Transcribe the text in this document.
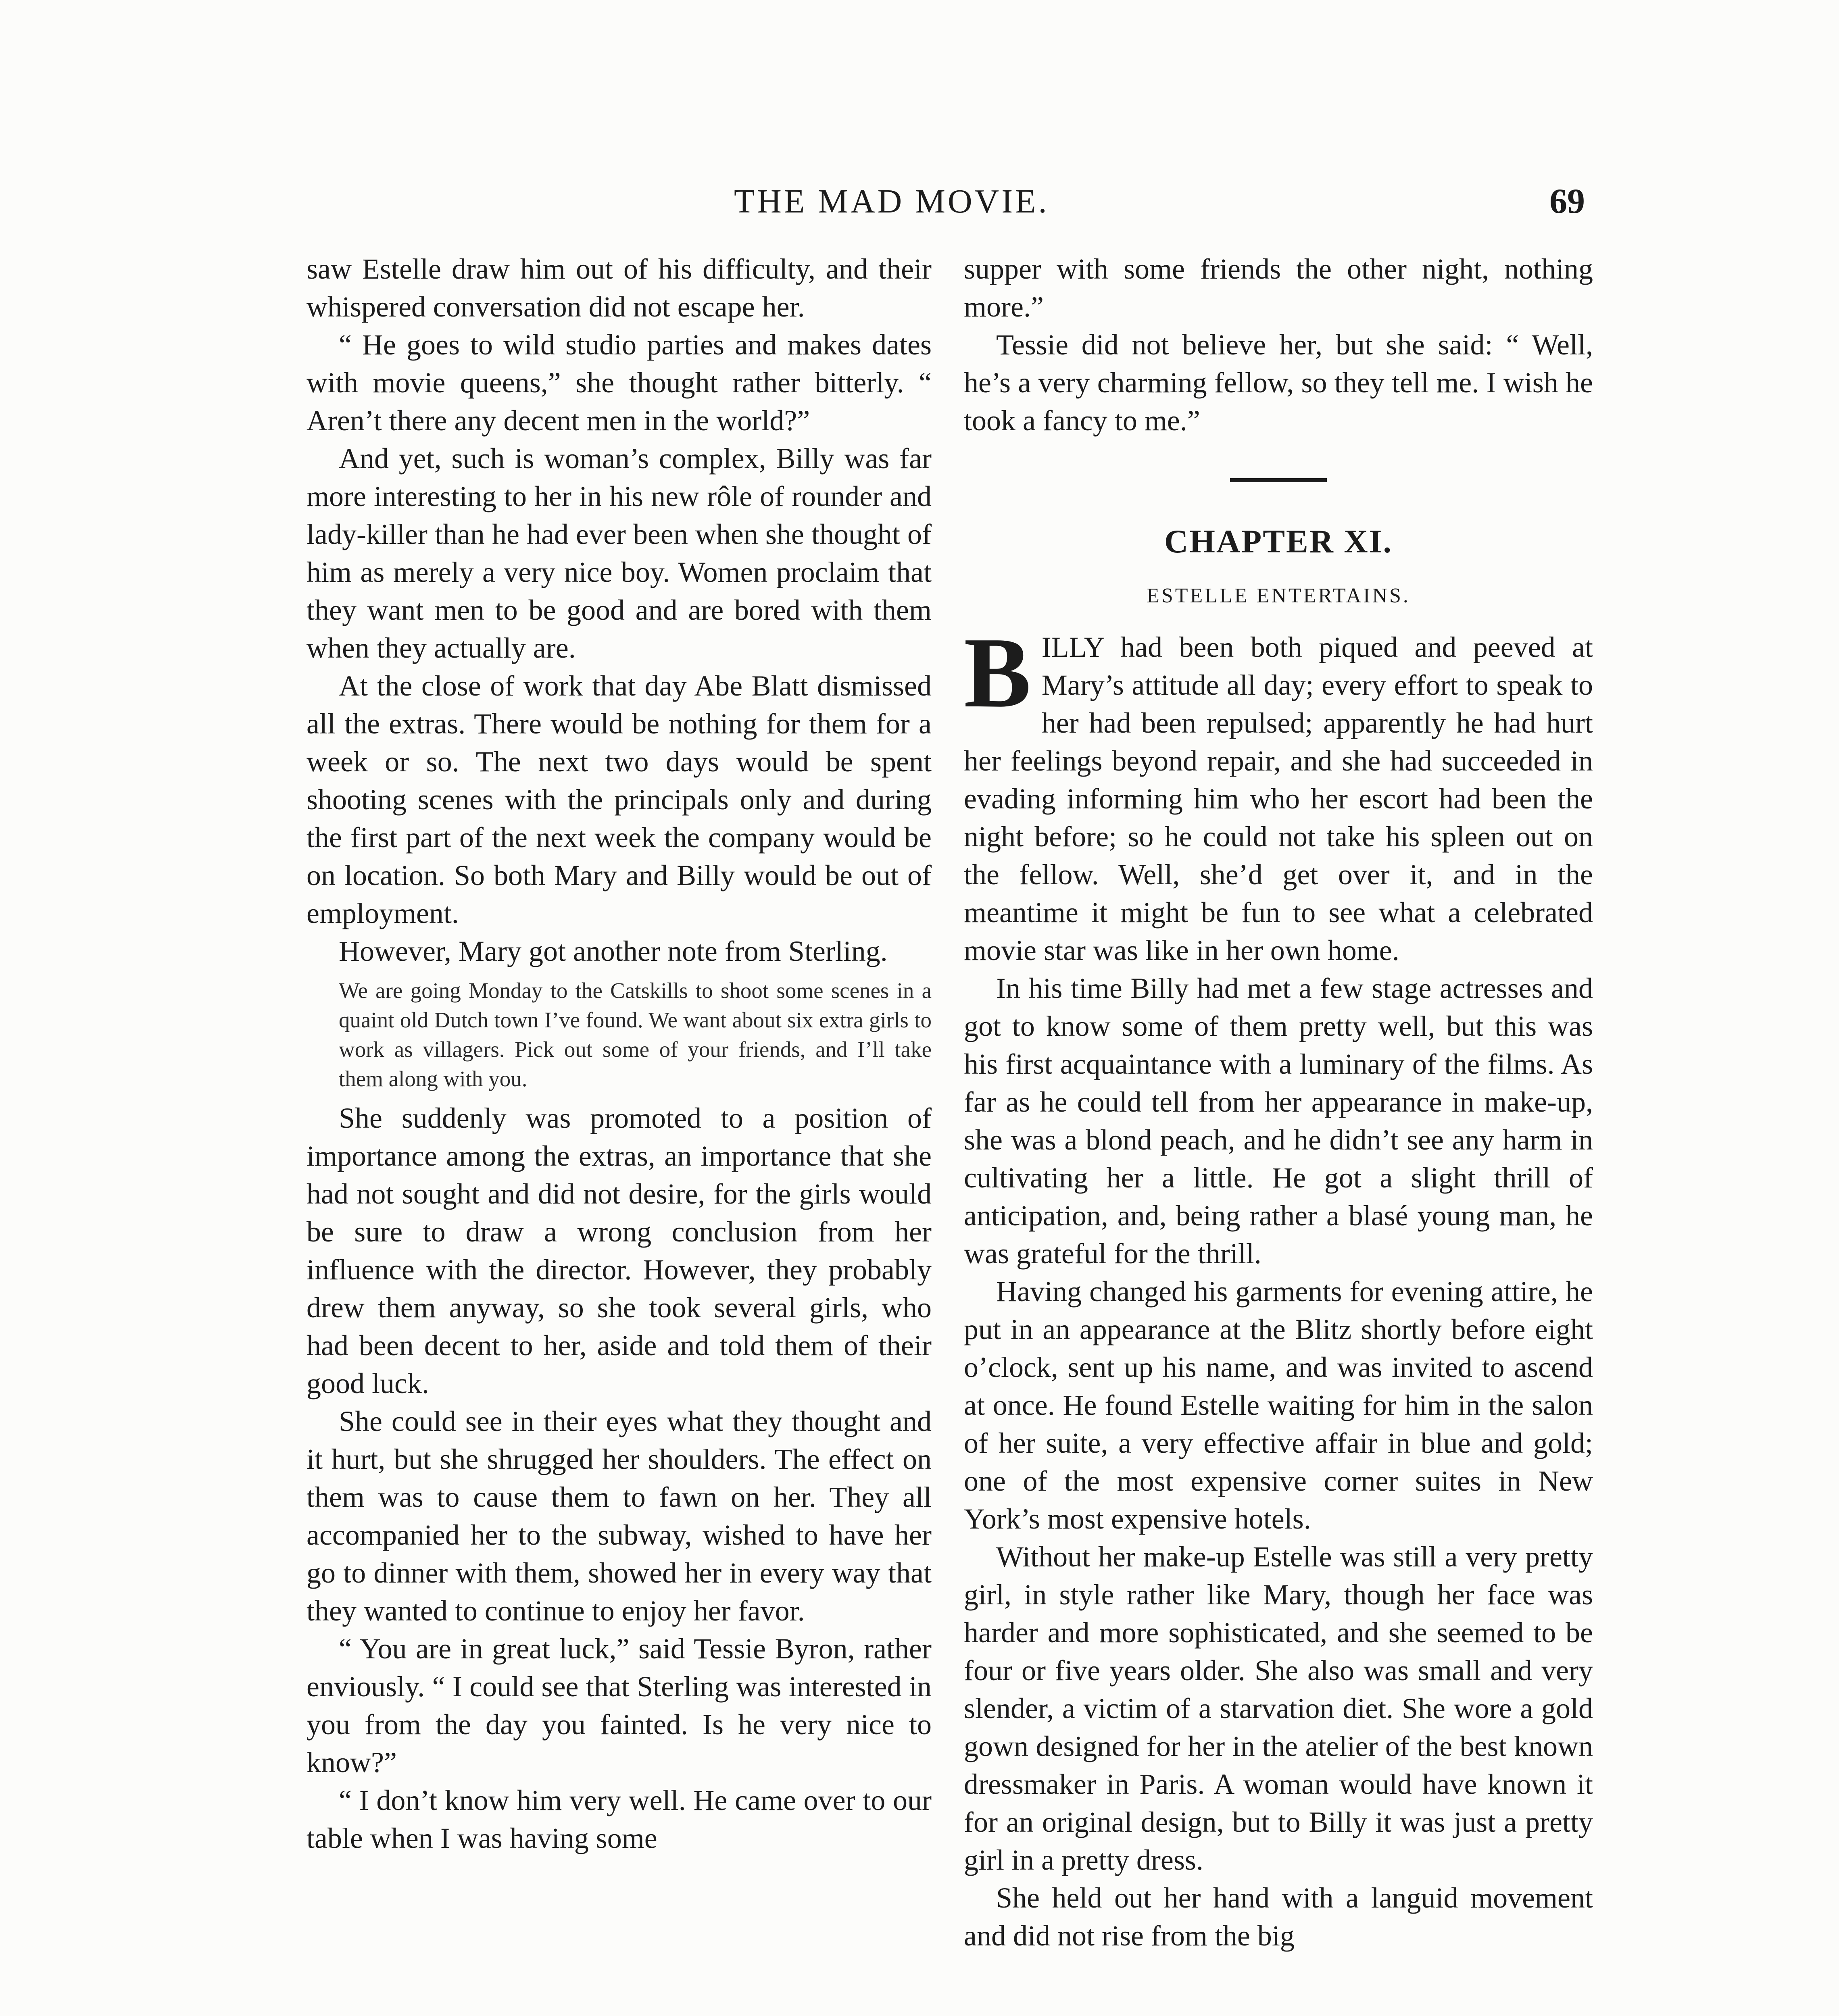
THE MAD MOVIE.	69

saw Estelle draw him out of his difficulty, and their whispered conversation did not escape her.

“ He goes to wild studio parties and makes dates with movie queens,” she thought rather bitterly. “ Aren’t there any decent men in the world?”

And yet, such is woman’s complex, Billy was far more interesting to her in his new rôle of rounder and lady-killer than he had ever been when she thought of him as merely a very nice boy. Women proclaim that they want men to be good and are bored with them when they actually are.

At the close of work that day Abe Blatt dismissed all the extras. There would be nothing for them for a week or so. The next two days would be spent shooting scenes with the principals only and during the first part of the next week the company would be on location. So both Mary and Billy would be out of employment.

However, Mary got another note from Sterling.

We are going Monday to the Catskills to shoot some scenes in a quaint old Dutch town I’ve found. We want about six extra girls to work as villagers. Pick out some of your friends, and I’ll take them along with you.

She suddenly was promoted to a position of importance among the extras, an importance that she had not sought and did not desire, for the girls would be sure to draw a wrong conclusion from her influence with the director. However, they probably drew them anyway, so she took several girls, who had been decent to her, aside and told them of their good luck.

She could see in their eyes what they thought and it hurt, but she shrugged her shoulders. The effect on them was to cause them to fawn on her. They all accompanied her to the subway, wished to have her go to dinner with them, showed her in every way that they wanted to continue to enjoy her favor.

“ You are in great luck,” said Tessie Byron, rather enviously. “ I could see that Sterling was interested in you from the day you fainted. Is he very nice to know?”

“ I don’t know him very well. He came over to our table when I was having some

supper with some friends the other night, nothing more.”

Tessie did not believe her, but she said: “ Well, he’s a very charming fellow, so they tell me. I wish he took a fancy to me.”

CHAPTER XI.
ESTELLE ENTERTAINS.

BILLY had been both piqued and peeved at Mary’s attitude all day; every effort to speak to her had been repulsed; apparently he had hurt her feelings beyond repair, and she had succeeded in evading informing him who her escort had been the night before; so he could not take his spleen out on the fellow. Well, she’d get over it, and in the meantime it might be fun to see what a celebrated movie star was like in her own home.

In his time Billy had met a few stage actresses and got to know some of them pretty well, but this was his first acquaintance with a luminary of the films. As far as he could tell from her appearance in make-up, she was a blond peach, and he didn’t see any harm in cultivating her a little. He got a slight thrill of anticipation, and, being rather a blasé young man, he was grateful for the thrill.

Having changed his garments for evening attire, he put in an appearance at the Blitz shortly before eight o’clock, sent up his name, and was invited to ascend at once. He found Estelle waiting for him in the salon of her suite, a very effective affair in blue and gold; one of the most expensive corner suites in New York’s most expensive hotels.

Without her make-up Estelle was still a very pretty girl, in style rather like Mary, though her face was harder and more sophisticated, and she seemed to be four or five years older. She also was small and very slender, a victim of a starvation diet. She wore a gold gown designed for her in the atelier of the best known dressmaker in Paris. A woman would have known it for an original design, but to Billy it was just a pretty girl in a pretty dress.

She held out her hand with a languid movement and did not rise from the big
